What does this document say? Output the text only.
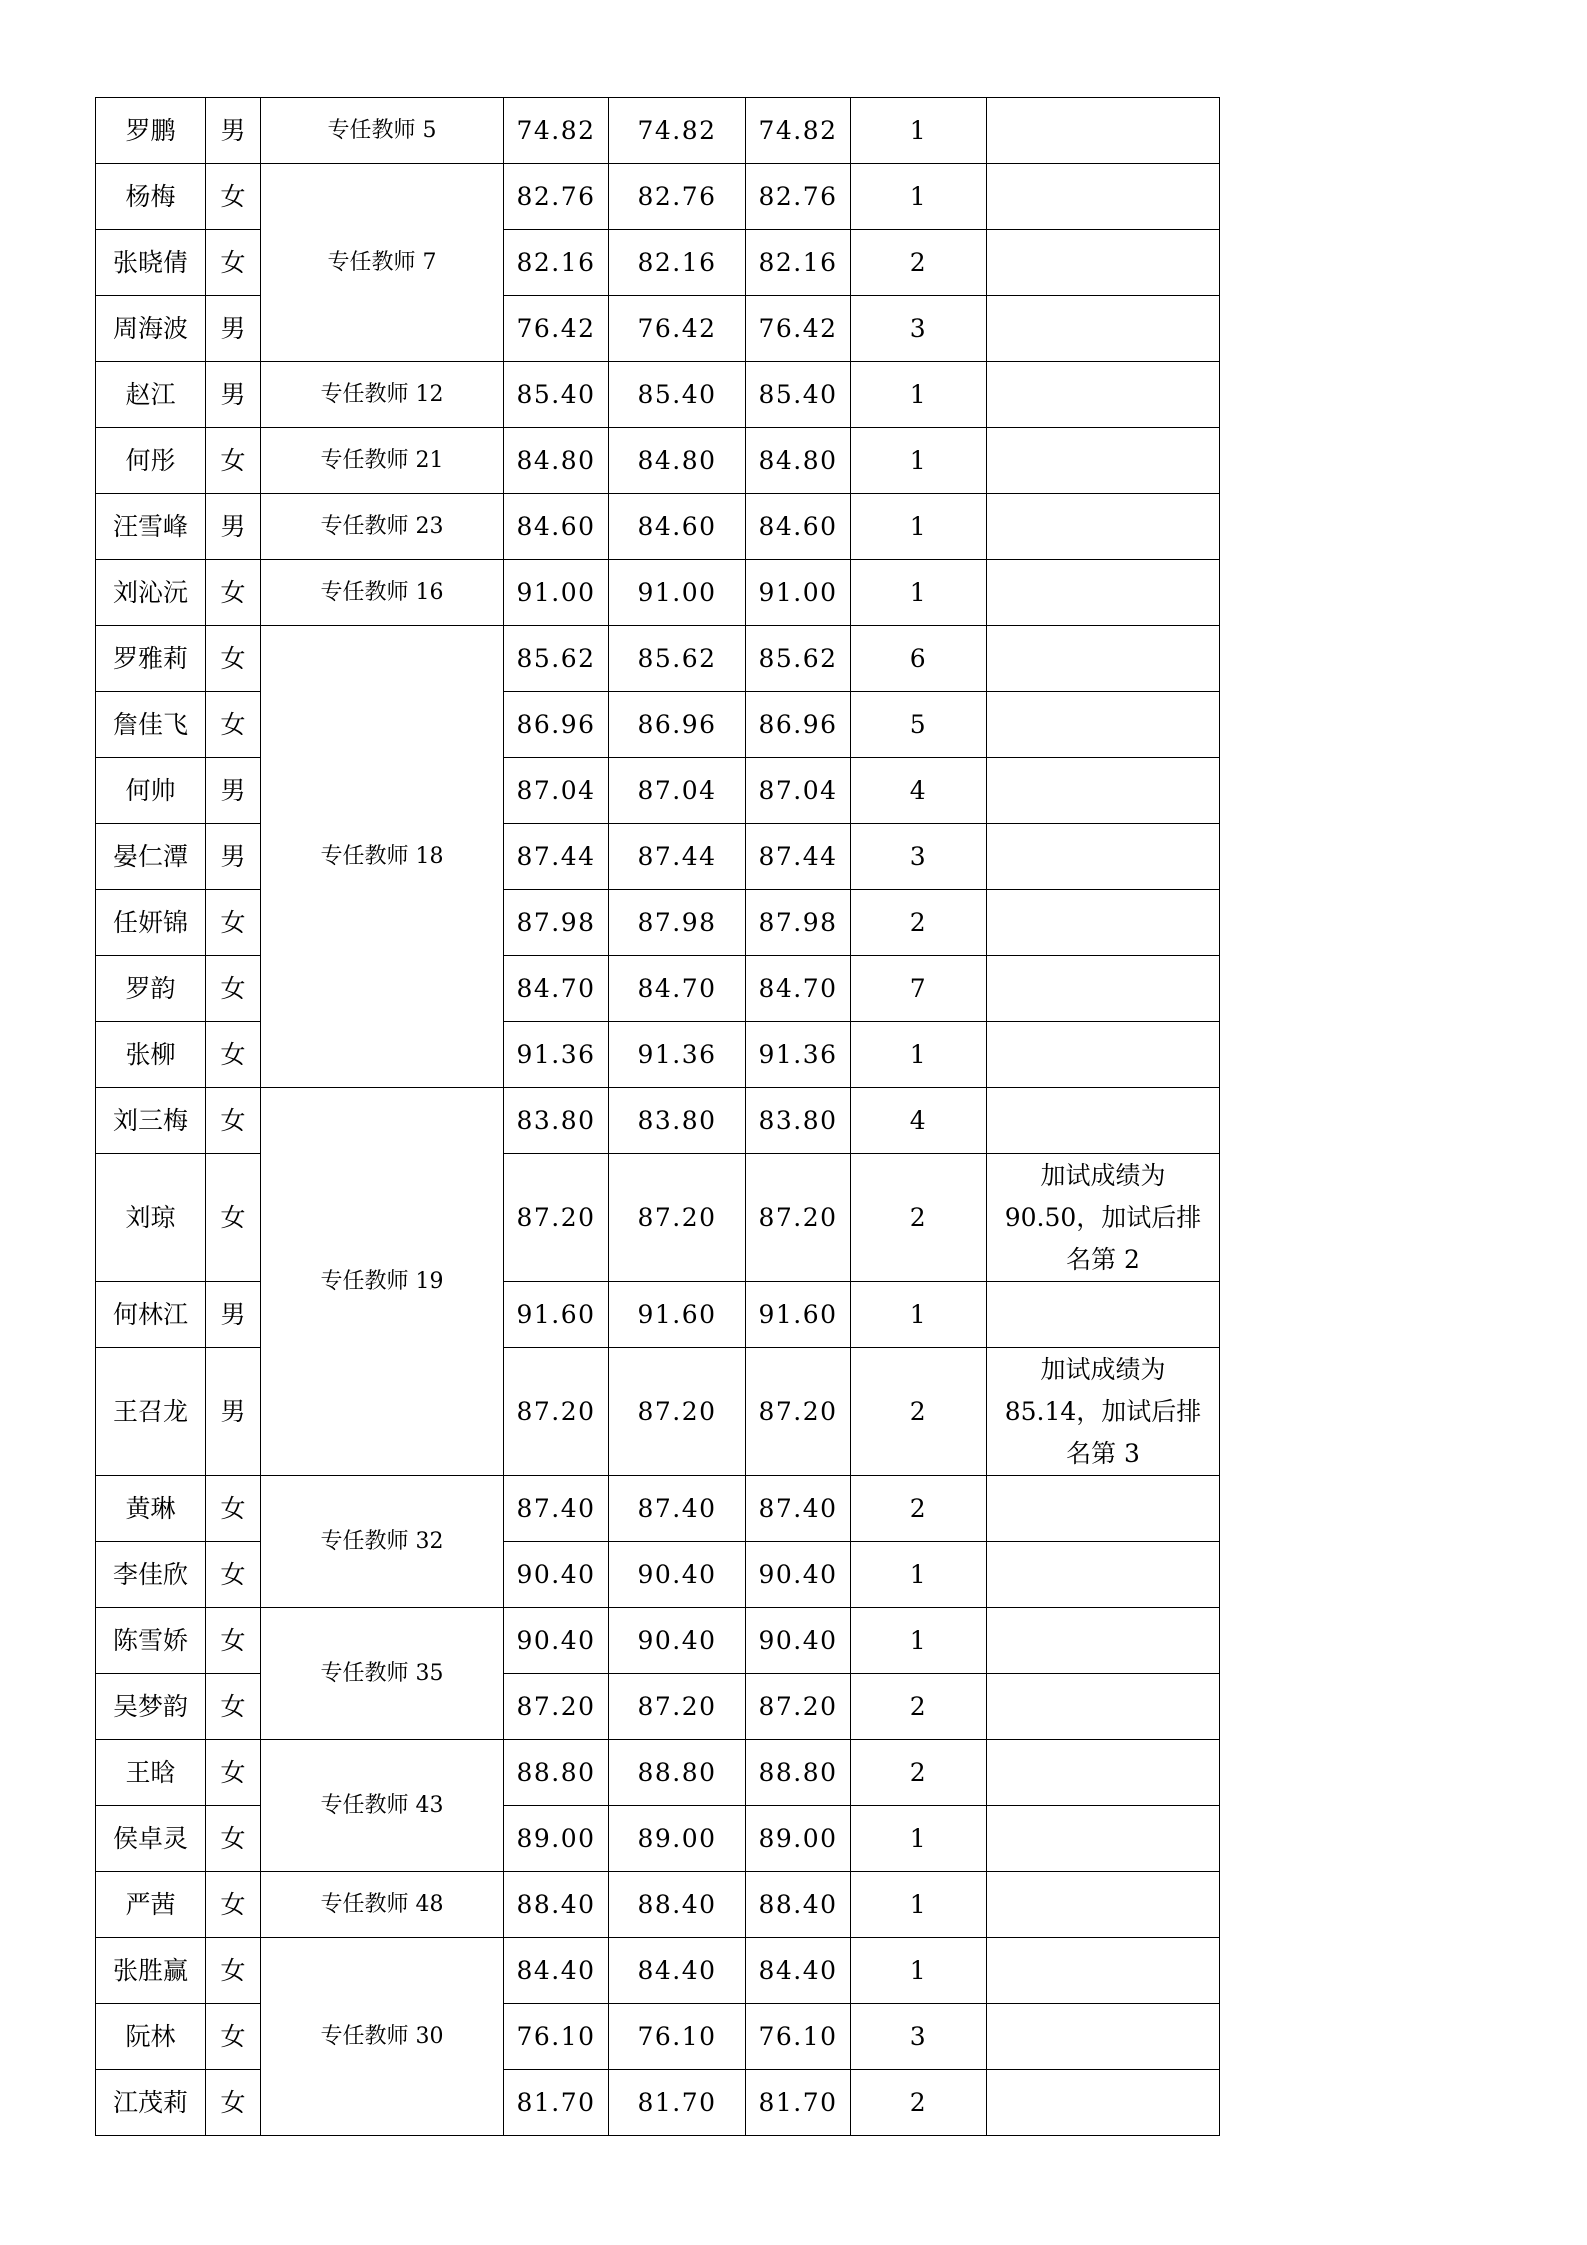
罗鹏	男	专任教师 5	74.82	74.82	74.82	1	
杨梅	女	专任教师 7	82.76	82.76	82.76	1	
张晓倩	女		82.16	82.16	82.16	2	
周海波	男		76.42	76.42	76.42	3	
赵江	男	专任教师 12	85.40	85.40	85.40	1	
何彤	女	专任教师 21	84.80	84.80	84.80	1	
汪雪峰	男	专任教师 23	84.60	84.60	84.60	1	
刘沁沅	女	专任教师 16	91.00	91.00	91.00	1	
罗雅莉	女	专任教师 18	85.62	85.62	85.62	6	
詹佳飞	女		86.96	86.96	86.96	5	
何帅	男		87.04	87.04	87.04	4	
晏仁潭	男		87.44	87.44	87.44	3	
任妍锦	女		87.98	87.98	87.98	2	
罗韵	女		84.70	84.70	84.70	7	
张柳	女		91.36	91.36	91.36	1	
刘三梅	女	专任教师 19	83.80	83.80	83.80	4	
刘琼	女		87.20	87.20	87.20	2	加试成绩为
90.50，加试后排
名第 2
何林江	男		91.60	91.60	91.60	1	
王召龙	男		87.20	87.20	87.20	2	加试成绩为
85.14，加试后排
名第 3
黄琳	女	专任教师 32	87.40	87.40	87.40	2	
李佳欣	女		90.40	90.40	90.40	1	
陈雪娇	女	专任教师 35	90.40	90.40	90.40	1	
吴梦韵	女		87.20	87.20	87.20	2	
王晗	女	专任教师 43	88.80	88.80	88.80	2	
侯卓灵	女		89.00	89.00	89.00	1	
严茜	女	专任教师 48	88.40	88.40	88.40	1	
张胜赢	女	专任教师 30	84.40	84.40	84.40	1	
阮林	女		76.10	76.10	76.10	3	
江茂莉	女		81.70	81.70	81.70	2	
